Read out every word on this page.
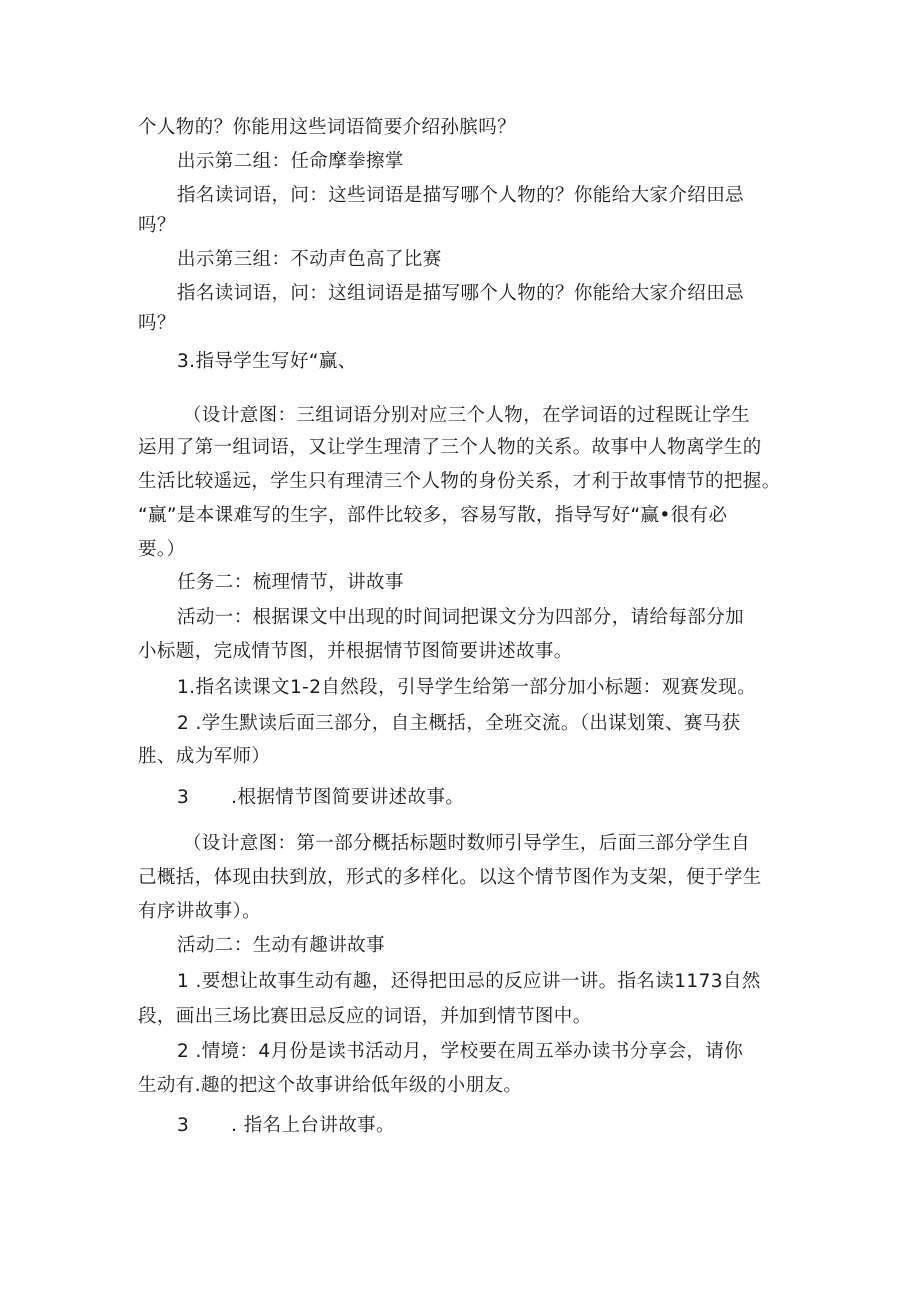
个人物的？你能用这些词语简要介绍孙膑吗？
出示第二组：任命摩拳擦掌
指名读词语，问：这些词语是描写哪个人物的？你能给大家介绍田忌
吗？
出示第三组：不动声色高了比赛
指名读词语，问：这组词语是描写哪个人物的？你能给大家介绍田忌
吗？
3.指导学生写好“赢、
（设计意图：三组词语分别对应三个人物，在学词语的过程既让学生
运用了第一组词语，又让学生理清了三个人物的关系。故事中人物离学生的
生活比较遥远，学生只有理清三个人物的身份关系，才利于故事情节的把握。
“赢”是本课难写的生字，部件比较多，容易写散，指导写好“赢•很有必
要。）
任务二：梳理情节，讲故事
活动一：根据课文中出现的时间词把课文分为四部分，请给每部分加
小标题，完成情节图，并根据情节图简要讲述故事。
1.指名读课文1-2自然段，引导学生给第一部分加小标题：观赛发现。
2 .学生默读后面三部分，自主概括，全班交流。（出谋划策、赛马获
胜、成为军师）
3 .根据情节图简要讲述故事。
（设计意图：第一部分概括标题时数师引导学生，后面三部分学生自
己概括，体现由扶到放，形式的多样化。以这个情节图作为支架，便于学生
有序讲故事）。
活动二：生动有趣讲故事
1 .要想让故事生动有趣，还得把田忌的反应讲一讲。指名读1173自然
段，画出三场比赛田忌反应的词语，并加到情节图中。
2 .情境：4月份是读书活动月，学校要在周五举办读书分享会，请你
生动有.趣的把这个故事讲给低年级的小朋友。
3 . 指名上台讲故事。
